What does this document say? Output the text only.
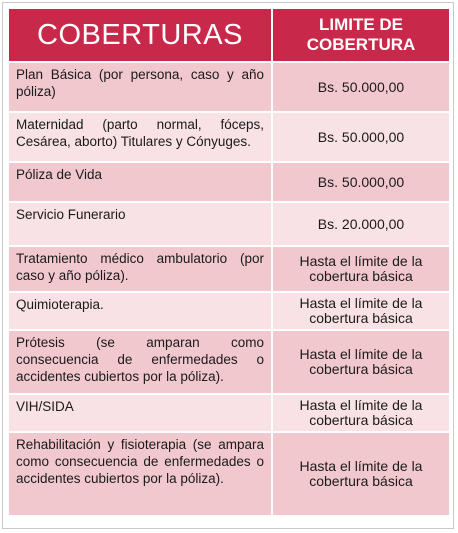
COBERTURAS	LIMITE DE
COBERTURA

Plan Básica (por persona, caso y año póliza)	Bs. 50.000,00
Maternidad (parto normal, fóceps, Cesárea, aborto) Titulares y Cónyuges.	Bs. 50.000,00
Póliza de Vida	Bs. 50.000,00
Servicio Funerario	Bs. 20.000,00
Tratamiento médico ambulatorio (por caso y año póliza).	Hasta el límite de la cobertura básica
Quimioterapia.	Hasta el límite de la cobertura básica
Prótesis (se amparan como consecuencia de enfermedades o accidentes cubiertos por la póliza).	Hasta el límite de la cobertura básica
VIH/SIDA	Hasta el límite de la cobertura básica
Rehabilitación y fisioterapia (se ampara como consecuencia de enfermedades o accidentes cubiertos por la póliza).	Hasta el límite de la cobertura básica
